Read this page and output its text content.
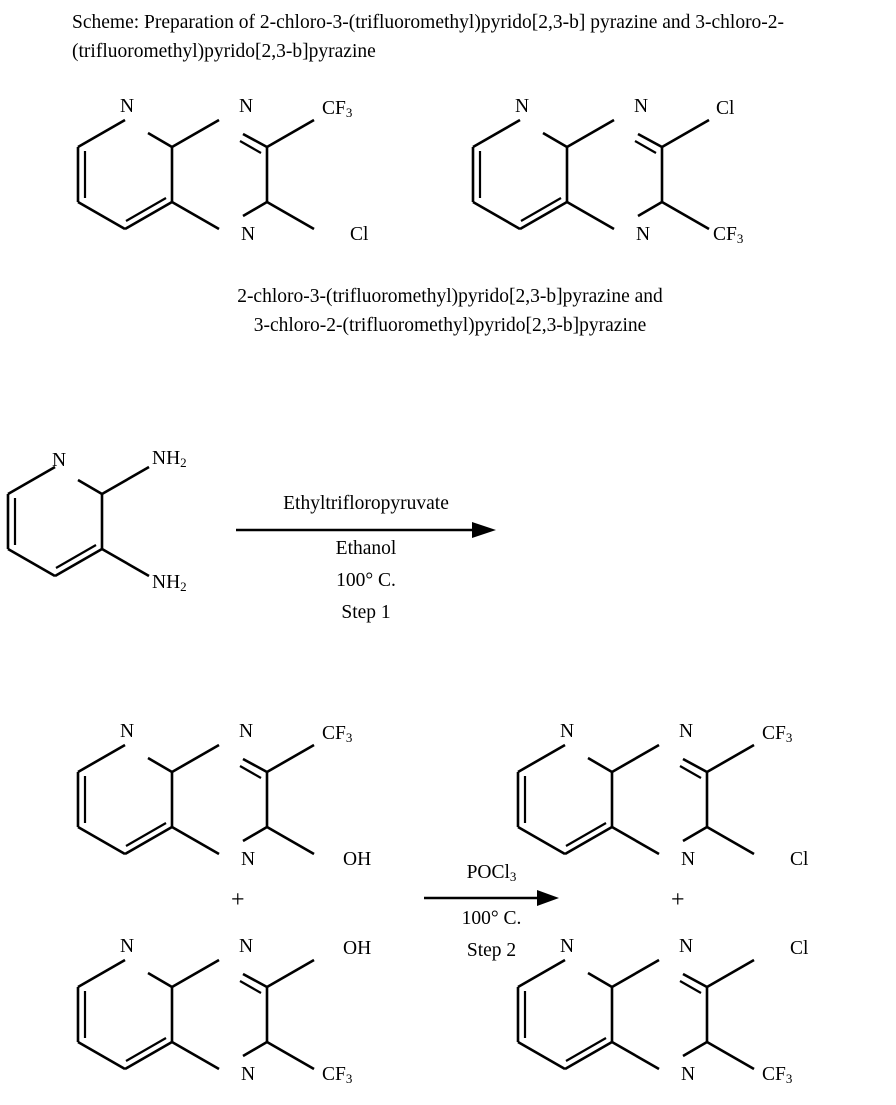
Scheme: Preparation of 2-chloro-3-(trifluoromethyl)pyrido[2,3-b] pyrazine and 3-chloro-2-(trifluoromethyl)pyrido[2,3-b]pyrazine
N
N
N	$CF_3$
Cl
N
N
N	Cl
$CF_3$
2-chloro-3-(trifluoromethyl)pyrido[2,3-b]pyrazine and
3-chloro-2-(trifluoromethyl)pyrido[2,3-b]pyrazine
N	$NH_2$
$NH_2$
Ethyltrifloropyruvate
Ethanol
100° C.
Step 1
N	N
N
$CF_3$
OH
+
N	N
N
OH
$CF_3$
POCl$_3$
100° C.
Step 2
N	N
N
$CF_3$
Cl
+
N	N
N
Cl
$CF_3$
